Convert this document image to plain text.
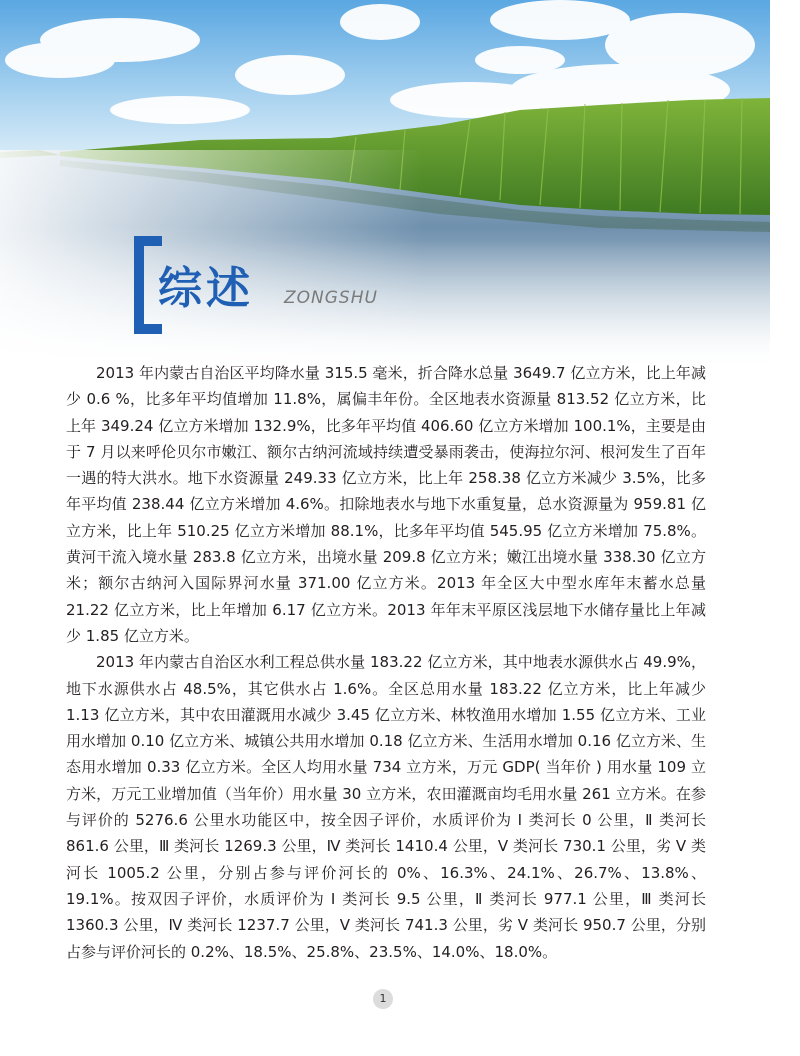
综述 ZONGSHU

2013 年内蒙古自治区平均降水量 315.5 毫米，折合降水总量 3649.7 亿立方米，比上年减少 0.6 %，比多年平均值增加 11.8%，属偏丰年份。全区地表水资源量 813.52 亿立方米，比上年 349.24 亿立方米增加 132.9%，比多年平均值 406.60 亿立方米增加 100.1%，主要是由于 7 月以来呼伦贝尔市嫩江、额尔古纳河流域持续遭受暴雨袭击，使海拉尔河、根河发生了百年一遇的特大洪水。地下水资源量 249.33 亿立方米，比上年 258.38 亿立方米减少 3.5%，比多年平均值 238.44 亿立方米增加 4.6%。扣除地表水与地下水重复量，总水资源量为 959.81 亿立方米，比上年 510.25 亿立方米增加 88.1%，比多年平均值 545.95 亿立方米增加 75.8%。黄河干流入境水量 283.8 亿立方米，出境水量 209.8 亿立方米；嫩江出境水量 338.30 亿立方米；额尔古纳河入国际界河水量 371.00 亿立方米。2013 年全区大中型水库年末蓄水总量 21.22 亿立方米，比上年增加 6.17 亿立方米。2013 年年末平原区浅层地下水储存量比上年减少 1.85 亿立方米。

2013 年内蒙古自治区水利工程总供水量 183.22 亿立方米，其中地表水源供水占 49.9%，地下水源供水占 48.5%，其它供水占 1.6%。全区总用水量 183.22 亿立方米，比上年减少 1.13 亿立方米，其中农田灌溉用水减少 3.45 亿立方米、林牧渔用水增加 1.55 亿立方米、工业用水增加 0.10 亿立方米、城镇公共用水增加 0.18 亿立方米、生活用水增加 0.16 亿立方米、生态用水增加 0.33 亿立方米。全区人均用水量 734 立方米，万元 GDP( 当年价 ) 用水量 109 立方米，万元工业增加值（当年价）用水量 30 立方米，农田灌溉亩均毛用水量 261 立方米。在参与评价的 5276.6 公里水功能区中，按全因子评价，水质评价为 Ⅰ 类河长 0 公里，Ⅱ 类河长 861.6 公里，Ⅲ 类河长 1269.3 公里，Ⅳ 类河长 1410.4 公里，Ⅴ 类河长 730.1 公里，劣 Ⅴ 类河长 1005.2 公里，分别占参与评价河长的 0%、16.3%、24.1%、26.7%、13.8%、19.1%。按双因子评价，水质评价为 Ⅰ 类河长 9.5 公里，Ⅱ 类河长 977.1 公里，Ⅲ 类河长 1360.3 公里，Ⅳ 类河长 1237.7 公里，Ⅴ 类河长 741.3 公里，劣 Ⅴ 类河长 950.7 公里，分别占参与评价河长的 0.2%、18.5%、25.8%、23.5%、14.0%、18.0%。

1
